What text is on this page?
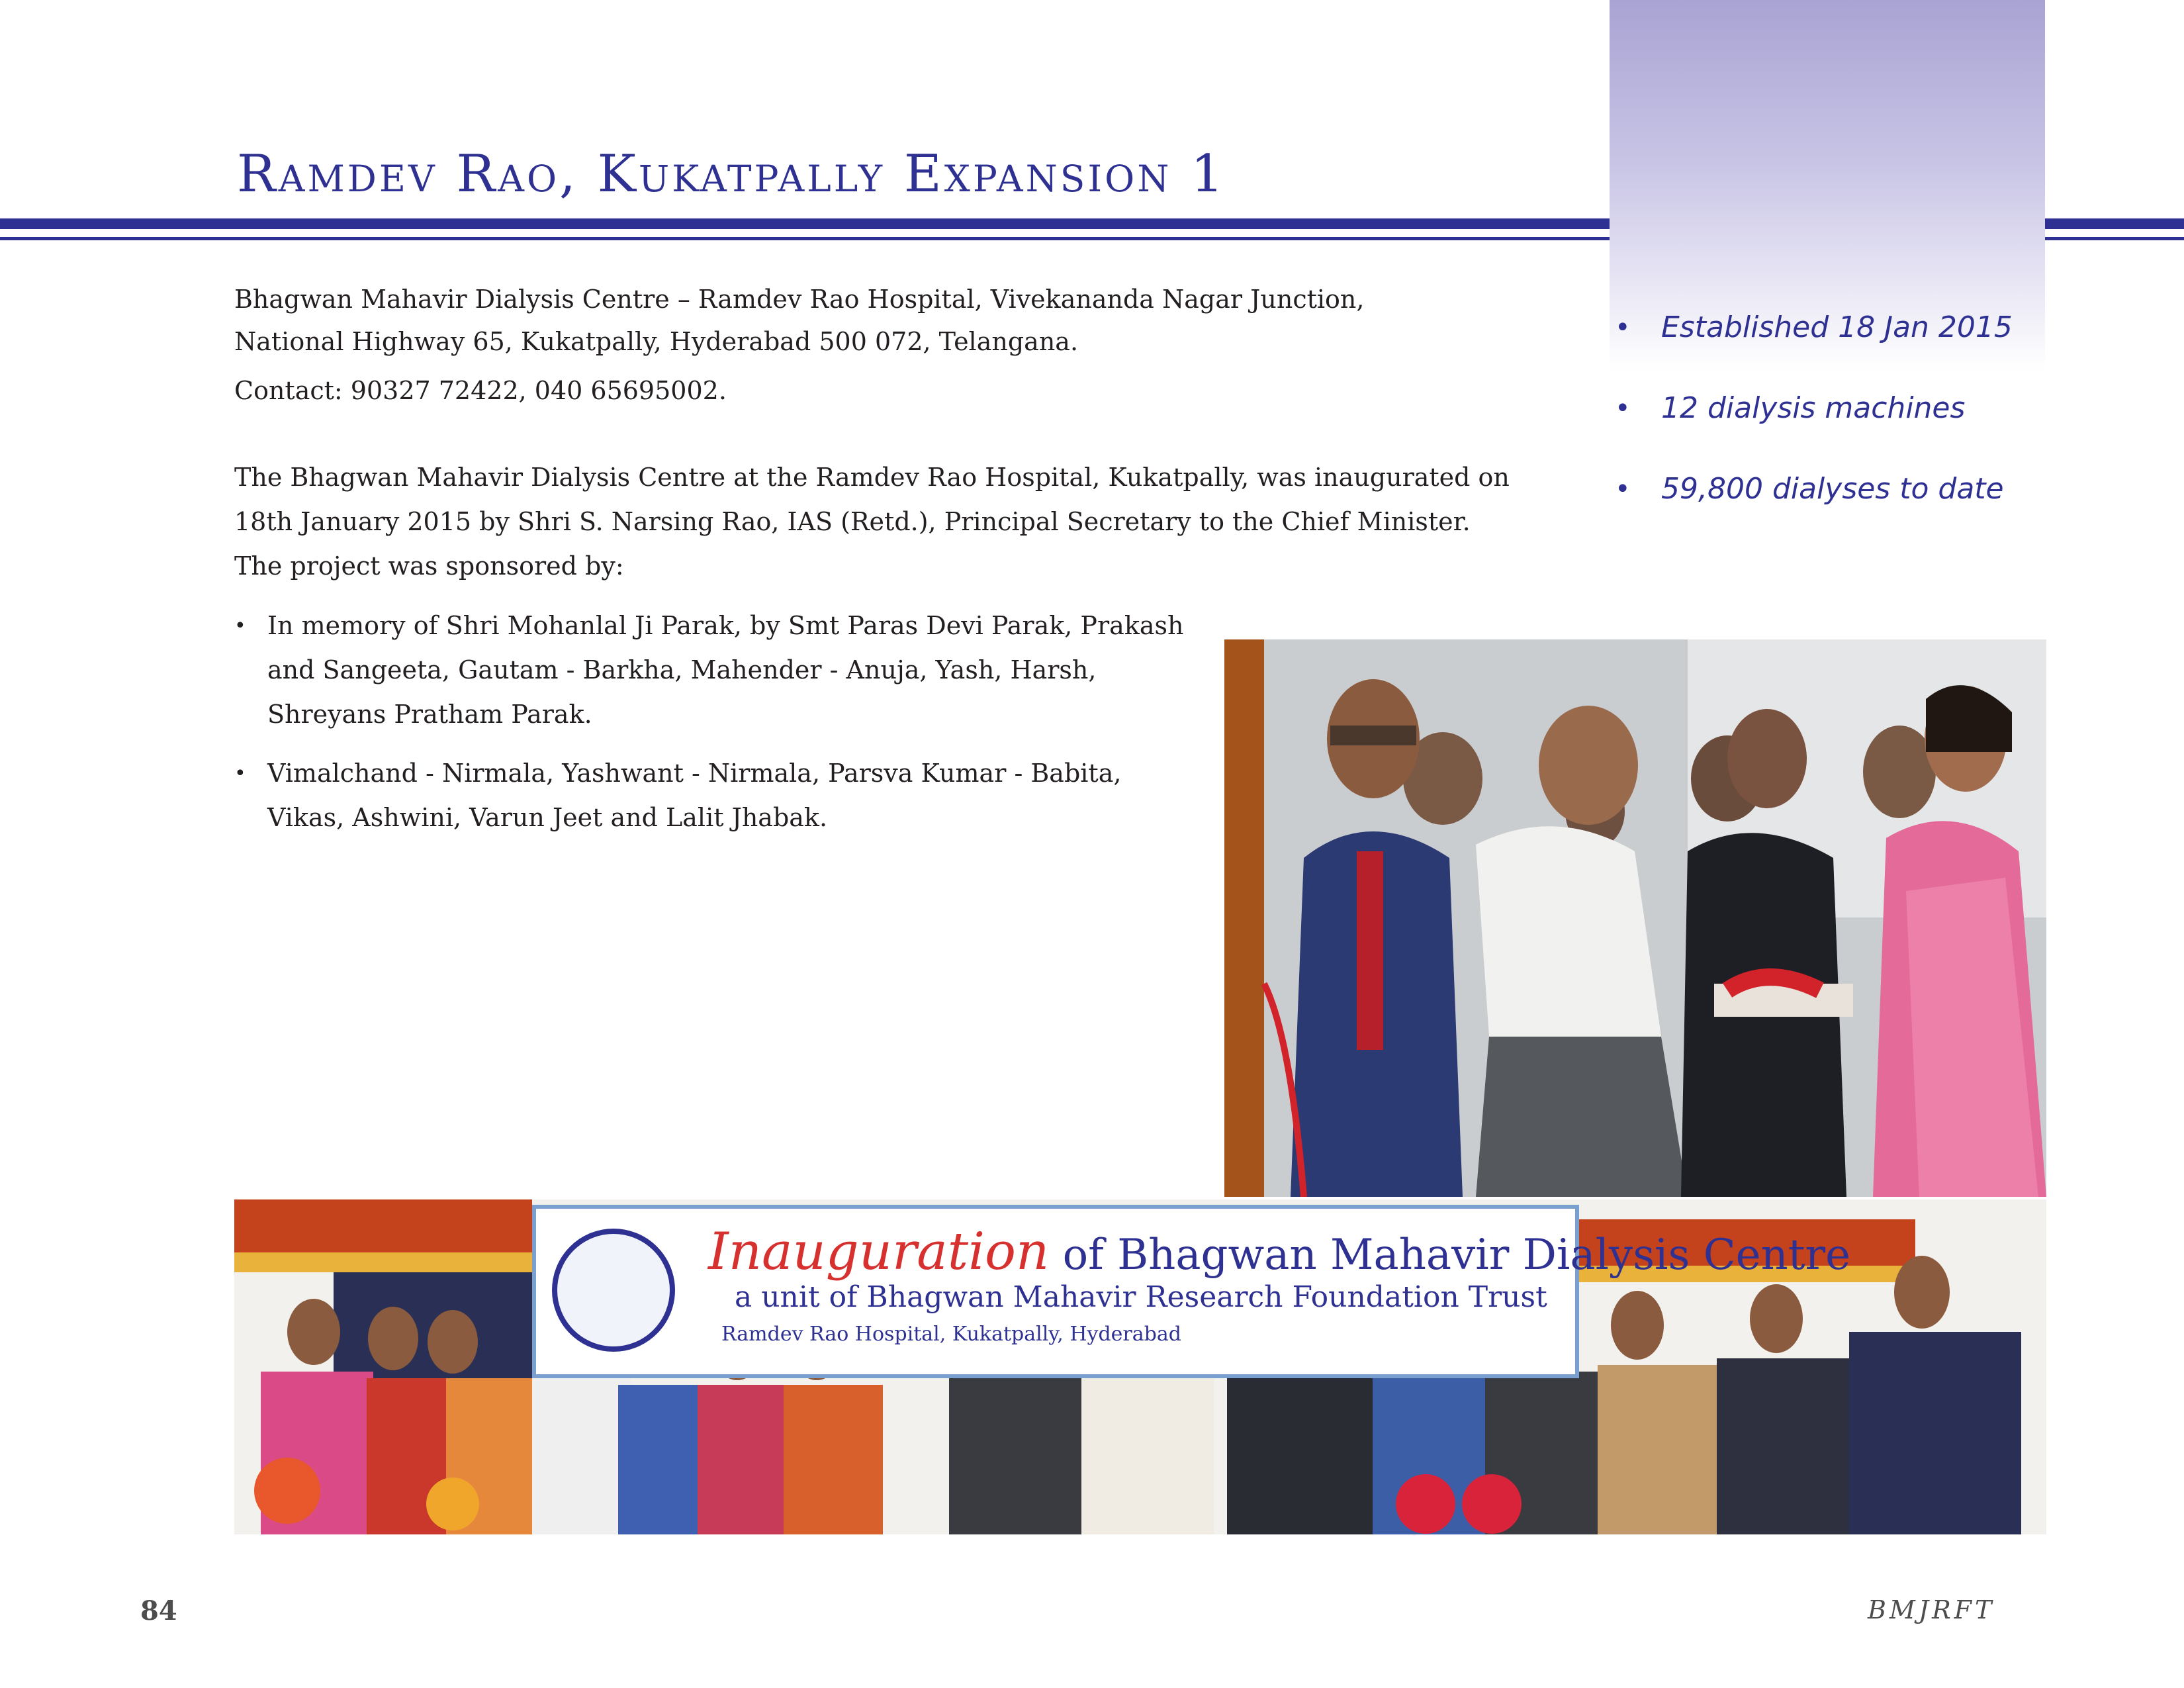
Ramdev Rao, Kukatpally Expansion 1
Bhagwan Mahavir Dialysis Centre – Ramdev Rao Hospital, Vivekananda Nagar Junction,
National Highway 65, Kukatpally, Hyderabad 500 072, Telangana.
Contact: 90327 72422, 040 65695002.
The Bhagwan Mahavir Dialysis Centre at the Ramdev Rao Hospital, Kukatpally, was inaugurated on 18th January 2015 by Shri S. Narsing Rao, IAS (Retd.), Principal Secretary to the Chief Minister. The project was sponsored by:
• In memory of Shri Mohanlal Ji Parak, by Smt Paras Devi Parak, Prakash and Sangeeta, Gautam - Barkha, Mahender - Anuja, Yash, Harsh, Shreyans Pratham Parak.
• Vimalchand - Nirmala, Yashwant - Nirmala, Parsva Kumar - Babita, Vikas, Ashwini, Varun Jeet and Lalit Jhabak.
• Established 18 Jan 2015
• 12 dialysis machines
• 59,800 dialyses to date
Inauguration of Bhagwan Mahavir Dialysis Centre
a unit of Bhagwan Mahavir Research Foundation Trust
Ramdev Rao Hospital, Kukatpally, Hyderabad
84	BMJRFT
